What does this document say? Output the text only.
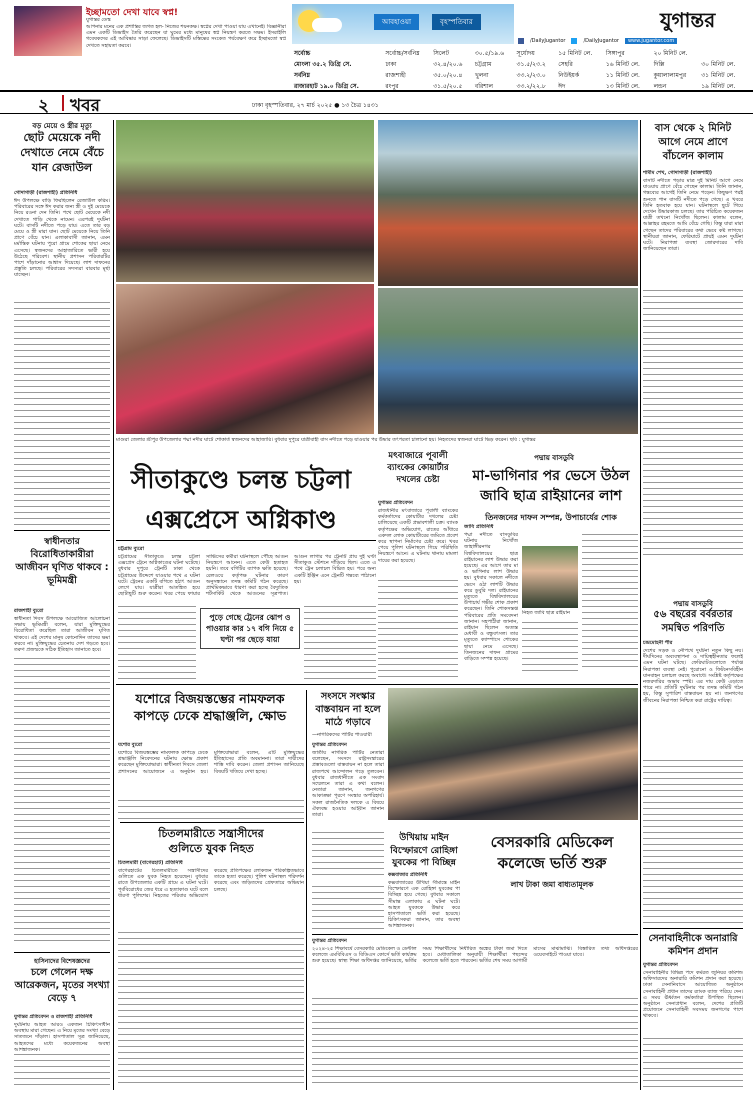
ইচ্ছামতো দেখা যাবে স্বপ্ন!
যুগান্তর ডেস্ক
আপনার মনের এক প্রশান্তির জগত হল- নিজের শয়নকক্ষ। স্বপ্নের দেখা পাওয়া যায় এখানেই। বিজ্ঞানীরা এমন একটি ডিভাইস তৈরি করেছেন যা ঘুমের মধ্যে মানুষের স্বপ্ন নিয়ন্ত্রণ করতে সক্ষম। ইসরাইলি গবেষকদের এই আবিষ্কার সাড়া ফেলেছে। ডিভাইসটি মস্তিষ্কের সংকেত পর্যবেক্ষণ করে ইচ্ছামতো স্বপ্ন দেখতে সহায়তা করবে।
আবহাওয়া	বৃহস্পতিবার	যুগান্তর
/DailyJugantor	/DailyJugantor	www.jugantor.com
সর্বোচ্চ		সর্বোচ্চ/সর্বনিম্ন	সিলেট	৩০.৫/১৯.৬	সূর্যোদয়	১৫ মিনিট লে.	সিঙ্গাপুর	২০ মিনিট লে.	
মোংলা ৩৫.২ ডিগ্রি সে.		ঢাকা	৩২.৪/২০.৬	চট্টগ্রাম	৩১.৫/২৩.২	সেহরি	১৬ মিনিট লে.	দিল্লি	৩০ মিনিট লে.
সর্বনিম্ন		রাজশাহী	৩৫.০/২০.৪	খুলনা	৩৩.২/২৩.০	নিউইয়র্ক	১১ মিনিট লে.	কুয়ালালামপুর	৩১ মিনিট লে.
রাজারহাট ১৯.০ ডিগ্রি সে.		রংপুর	৩১.৫/২০.৫	বরিশাল	৩৩.২/২২.৮	ঈদ	১৩ মিনিট লে.	লন্ডন	১৯ মিনিট লে.
২ খবর	ঢাকা বৃহস্পতিবার, ২৭ মার্চ ২০২৫ ● ১৩ চৈত্র ১৪৩১
বড় মেয়ে ও স্ত্রীর মৃত্যু
ছোট মেয়েকে নদী দেখাতে নেমে বেঁচে যান রেজাউল
গোদাগাড়ী (রাজশাহী) প্রতিনিধি
ঈদ উপলক্ষে বাড়ি ফিরছিলেন রেজাউল করিম। পরিবারের সঙ্গে ঈদ করার জন্য স্ত্রী ও দুই মেয়েকে নিয়ে রওনা দেন তিনি। পথে ছোট মেয়েকে নদী দেখাতে গাড়ি থেকে নামেন। এরপরই দুর্ঘটনা ঘটে। বাসটি নদীতে পড়ে যায়। এতে তার বড় মেয়ে ও স্ত্রী মারা যান। ছোট মেয়েকে নিয়ে তিনি প্রাণে বেঁচে যান। এলাকাবাসী জানান, এমন মর্মান্তিক ঘটনায় পুরো গ্রামে শোকের ছায়া নেমে এসেছে। স্বজনদের আহাজারিতে ভারী হয়ে উঠেছে পরিবেশ। স্থানীয় প্রশাসন পরিবারটির পাশে দাঁড়ানোর আশ্বাস দিয়েছে। লাশ দাফনের প্রস্তুতি চলছে। পরিবারের সদস্যরা বারবার মূর্ছা যাচ্ছেন।
স্বাধীনতার
বিরোধিতাকারীরা আজীবন ঘৃণিত থাকবে : ভূমিমন্ত্রী
রাজশাহী ব্যুরো
স্বাধীনতা দিবস উপলক্ষে আয়োজিত আলোচনা সভায় ভূমিমন্ত্রী বলেন, যারা মুক্তিযুদ্ধের বিরোধিতা করেছিল তারা আজীবন ঘৃণিত থাকবে। এই দেশের মানুষ কোনোদিন তাদের ক্ষমা করবে না। মুক্তিযুদ্ধের চেতনায় দেশ গড়তে হবে। তরুণ প্রজন্মকে সঠিক ইতিহাস জানাতে হবে।
হাসিনাদের বিশেষজ্ঞদের
চলে গেলেন দক্ষ আরেকজন, মৃতের সংখ্যা বেড়ে ৭
যুগান্তর প্রতিবেদন ও রাজশাহী প্রতিনিধি
দুর্ঘটনায় আহত আরও একজন চিকিৎসাধীন অবস্থায় মারা গেছেন। এ নিয়ে মৃতের সংখ্যা বেড়ে সাতজনে দাঁড়াল। হাসপাতাল সূত্র জানিয়েছে, আহতদের মধ্যে কয়েকজনের অবস্থা আশঙ্কাজনক।
মাগুরা জেলার শ্রীপুর উপজেলার পদ্মা নদীর ঘাটে শোকার্ত স্বজনদের আহাজারি। বুধবার দুপুরে যাত্রীবাহী বাস নদীতে পড়ে যাওয়ার পর উদ্ধার তৎপরতা চালানো হয়। নিহতদের স্বজনরা ঘাটে ভিড় করেন। ছবি : যুগান্তর
বাস থেকে ২ মিনিট আগে নেমে প্রাণে বাঁচলেন কালাম
শামীম শেখ, গোদাগাড়ী (রাজশাহী)
বাসটি নদীতে পড়ার মাত্র দুই মিনিট আগে নেমে যাওয়ায় প্রাণে বেঁচে গেছেন কালাম। তিনি জানান, গন্তব্যের আগেই তিনি নেমে পড়েন। কিছুক্ষণ পরই শুনতে পান বাসটি নদীতে পড়ে গেছে। এ খবরে তিনি হতবাক হয়ে যান। ঘটনাস্থলে ছুটে গিয়ে দেখেন উদ্ধারকাজ চলছে। তার পরিচিত কয়েকজন যাত্রী তখনো নিখোঁজ ছিলেন। কালাম বলেন, আল্লাহর রহমতে আমি বেঁচে গেছি। কিন্তু যারা মারা গেছেন তাদের পরিবারের কথা ভেবে কষ্ট লাগছে। স্থানীয়রা জানান, ফেরিঘাটে প্রায়ই এমন দুর্ঘটনা ঘটে। নিরাপত্তা ব্যবস্থা জোরদারের দাবি জানিয়েছেন তারা।
পদ্মায় বাসডুবি
৫৬ বছরের বর্বরতার সমন্বিত পরিণতি
চন্দ্রমোহনী পীর
দেশের সড়ক ও নৌপথে দুর্ঘটনা নতুন কিছু নয়। দীর্ঘদিনের অব্যবস্থাপনা ও দায়িত্বহীনতার ফলেই এমন ঘটনা ঘটছে। ফেরিঘাটগুলোতে পর্যাপ্ত নিরাপত্তা ব্যবস্থা নেই। পুরোনো ও ফিটনেসবিহীন যানবাহন চলাচল করছে অবাধে। সংশ্লিষ্ট কর্তৃপক্ষের নজরদারির অভাব স্পষ্ট। এর দায় কেউ এড়াতে পারে না। প্রতিটি দুর্ঘটনার পর তদন্ত কমিটি গঠন হয়, কিন্তু সুপারিশ বাস্তবায়ন হয় না। জনগণের জীবনের নিরাপত্তা নিশ্চিত করা রাষ্ট্রের দায়িত্ব।
সেনাবাহিনীকে অনারারি কমিশন প্রদান
যুগান্তর প্রতিবেদন
সেনাবাহিনীর বিভিন্ন পদে কর্মরত জুনিয়র কমিশন্ড অফিসারদের অনারারি কমিশন প্রদান করা হয়েছে। ঢাকা সেনানিবাসে আয়োজিত অনুষ্ঠানে সেনাবাহিনী প্রধান তাদের র‌্যাংক ব্যাজ পরিয়ে দেন। এ সময় ঊর্ধ্বতন কর্মকর্তারা উপস্থিত ছিলেন। অনুষ্ঠানে সেনাপ্রধান বলেন, দেশের প্রতিটি প্রয়োজনে সেনাবাহিনী সবসময় জনগণের পাশে থাকবে।
সীতাকুণ্ডে চলন্ত চট্টলা এক্সপ্রেসে অগ্নিকাণ্ড
চট্টগ্রাম ব্যুরো
চট্টগ্রামের সীতাকুণ্ডে চলন্ত চট্টলা এক্সপ্রেস ট্রেনে অগ্নিকাণ্ডের ঘটনা ঘটেছে। বুধবার দুপুরে ট্রেনটি ঢাকা থেকে চট্টগ্রামের উদ্দেশে যাওয়ার পথে এ ঘটনা ঘটে। ট্রেনের একটি বগিতে হঠাৎ আগুন লেগে যায়। যাত্রীরা আতঙ্কিত হয়ে ছোটাছুটি শুরু করেন। খবর পেয়ে ফায়ার সার্ভিসের কর্মীরা ঘটনাস্থলে পৌঁছে আগুন নিয়ন্ত্রণে আনেন। এতে কেউ হতাহত হয়নি। তবে বগিটির ব্যাপক ক্ষতি হয়েছে। রেলওয়ে কর্তৃপক্ষ ঘটনার কারণ অনুসন্ধানে তদন্ত কমিটি গঠন করেছে। প্রাথমিকভাবে ধারণা করা হচ্ছে বৈদ্যুতিক শর্টসার্কিট থেকে আগুনের সূত্রপাত। আগুন লাগার পর ট্রেনটি প্রায় দুই ঘণ্টা সীতাকুণ্ড স্টেশনে দাঁড়িয়ে ছিল। এতে এ পথে ট্রেন চলাচল বিঘ্নিত হয়। পরে অন্য একটি ইঞ্জিন এনে ট্রেনটি গন্তব্যে পাঠানো হয়।
পুড়ে গেছে ট্রেনের ঝোপ ও পাওয়ার কার ১৭ বগি নিয়ে ৫ ঘণ্টা পর ছেড়ে যায়া
মৎবাজারে পূবালী ব্যাংকের কোয়ার্টার দখলের চেষ্টা
যুগান্তর প্রতিবেদন
রাজধানীর মৎবাজারে পূবালী ব্যাংকের কর্মকর্তাদের কোয়ার্টার দখলের চেষ্টা চালিয়েছে একটি প্রভাবশালী চক্র। ব্যাংক কর্তৃপক্ষের অভিযোগ, রাতের আঁধারে একদল লোক কোয়ার্টারের জমিতে প্রবেশ করে স্থাপনা নির্মাণের চেষ্টা করে। খবর পেয়ে পুলিশ ঘটনাস্থলে গিয়ে পরিস্থিতি নিয়ন্ত্রণে আনে। এ ঘটনায় থানায় মামলা দায়ের করা হয়েছে।
পদ্মায় বাসডুবি
মা-ভাগিনার পর ভেসে উঠল জাবি ছাত্র রাইয়ানের লাশ
তিনজনের দাফন সম্পন্ন, উপাচার্যের শোক
জাবি প্রতিনিধি
পদ্মা নদীতে বাসডুবির ঘটনায় নিখোঁজ জাহাঙ্গীরনগর বিশ্ববিদ্যালয়ের ছাত্র রাইয়ানের লাশ উদ্ধার করা হয়েছে। এর আগে তার মা ও ভাগিনার লাশ উদ্ধার হয়। বুধবার সকালে নদীতে ভেসে ওঠা লাশটি উদ্ধার করে ডুবুরি দল। রাইয়ানের মৃত্যুতে বিশ্ববিদ্যালয়ের উপাচার্য গভীর শোক প্রকাশ করেছেন। তিনি শোকসন্তপ্ত পরিবারের প্রতি সমবেদনা জানান। সহপাঠীরা জানান, রাইয়ান ছিলেন অত্যন্ত মেধাবী ও বন্ধুবৎসল। তার মৃত্যুতে ক্যাম্পাসে শোকের ছায়া নেমে এসেছে। তিনজনের দাফন গ্রামের বাড়িতে সম্পন্ন হয়েছে।
নিহত জাবি ছাত্র রাইয়ান
যশোরে বিজয়স্তম্ভের নামফলক কাপড়ে ঢেকে শ্রদ্ধাঞ্জলি, ক্ষোভ
যশোর ব্যুরো
যশোরে বিজয়স্তম্ভের নামফলক কাপড়ে ঢেকে শ্রদ্ধাঞ্জলি নিবেদনের ঘটনায় ক্ষোভ প্রকাশ করেছেন মুক্তিযোদ্ধারা। স্বাধীনতা দিবসে জেলা প্রশাসনের আয়োজনে এ অনুষ্ঠান হয়। মুক্তিযোদ্ধারা বলেন, এটি মুক্তিযুদ্ধের ইতিহাসের প্রতি অবমাননা। তারা দায়ীদের শাস্তি দাবি করেন। জেলা প্রশাসন জানিয়েছে বিষয়টি খতিয়ে দেখা হচ্ছে।
চিতলমারীতে সন্ত্রাসীদের গুলিতে যুবক নিহত
চিতলমারী (বাগেরহাট) প্রতিনিধি
বাগেরহাটের চিতলমারীতে সন্ত্রাসীদের গুলিতে এক যুবক নিহত হয়েছেন। বুধবার রাতে উপজেলার একটি গ্রামে এ ঘটনা ঘটে। পূর্ববিরোধের জের ধরে এ হত্যাকাণ্ড ঘটে বলে ধারণা পুলিশের। নিহতের পরিবার অভিযোগ করেছে প্রতিপক্ষের লোকজন পরিকল্পিতভাবে তাকে হত্যা করেছে। পুলিশ ঘটনাস্থল পরিদর্শন করেছে এবং জড়িতদের গ্রেফতারে অভিযান চলছে।
সংসদে সংস্কার বাস্তবায়ন না হলে মাঠে গড়াবে
—নাগরিকদের পার্টির পাওয়ারী
যুগান্তর প্রতিবেদন
জাতীয় নাগরিক পার্টির নেতারা বলেছেন, সংসদে রাষ্ট্রসংস্কারের প্রস্তাবগুলো বাস্তবায়ন না হলে তারা রাজপথে আন্দোলন গড়ে তুলবেন। বুধবার রাজধানীতে এক সংবাদ সম্মেলনে তারা এ কথা বলেন। নেতারা জানান, জনগণের আকাঙ্ক্ষা পূরণে সংস্কার অপরিহার্য। সকল রাজনৈতিক দলকে এ বিষয়ে ঐক্যবদ্ধ হওয়ার আহ্বান জানান তারা।
উখিয়ায় মাইন বিস্ফোরণে রোহিঙ্গা যুবকের পা বিচ্ছিন্ন
কক্সবাজার প্রতিনিধি
কক্সবাজারের উখিয়া সীমান্তে মাইন বিস্ফোরণে এক রোহিঙ্গা যুবকের পা বিচ্ছিন্ন হয়ে গেছে। বুধবার সকালে সীমান্ত এলাকায় এ ঘটনা ঘটে। আহত যুবককে উদ্ধার করে হাসপাতালে ভর্তি করা হয়েছে। চিকিৎসকরা জানান, তার অবস্থা আশঙ্কাজনক।
বেসরকারি মেডিকেল কলেজে ভর্তি শুরু
লাখ টাকা জমা বাধ্যতামূলক
যুগান্তর প্রতিবেদন
২০২৪-২৫ শিক্ষাবর্ষে বেসরকারি মেডিকেল ও ডেন্টাল কলেজে এমবিবিএস ও বিডিএস কোর্সে ভর্তি কার্যক্রম শুরু হয়েছে। স্বাস্থ্য শিক্ষা অধিদপ্তর জানিয়েছে, ভর্তির সময় শিক্ষার্থীদের নির্ধারিত অঙ্কের টাকা জমা দিতে হবে। মেধাতালিকা অনুযায়ী শিক্ষার্থীরা পছন্দের কলেজে ভর্তি হতে পারবেন। ভর্তির শেষ সময় আগামী মাসের মাঝামাঝি। বিস্তারিত তথ্য অধিদপ্তরের ওয়েবসাইটে পাওয়া যাবে।
